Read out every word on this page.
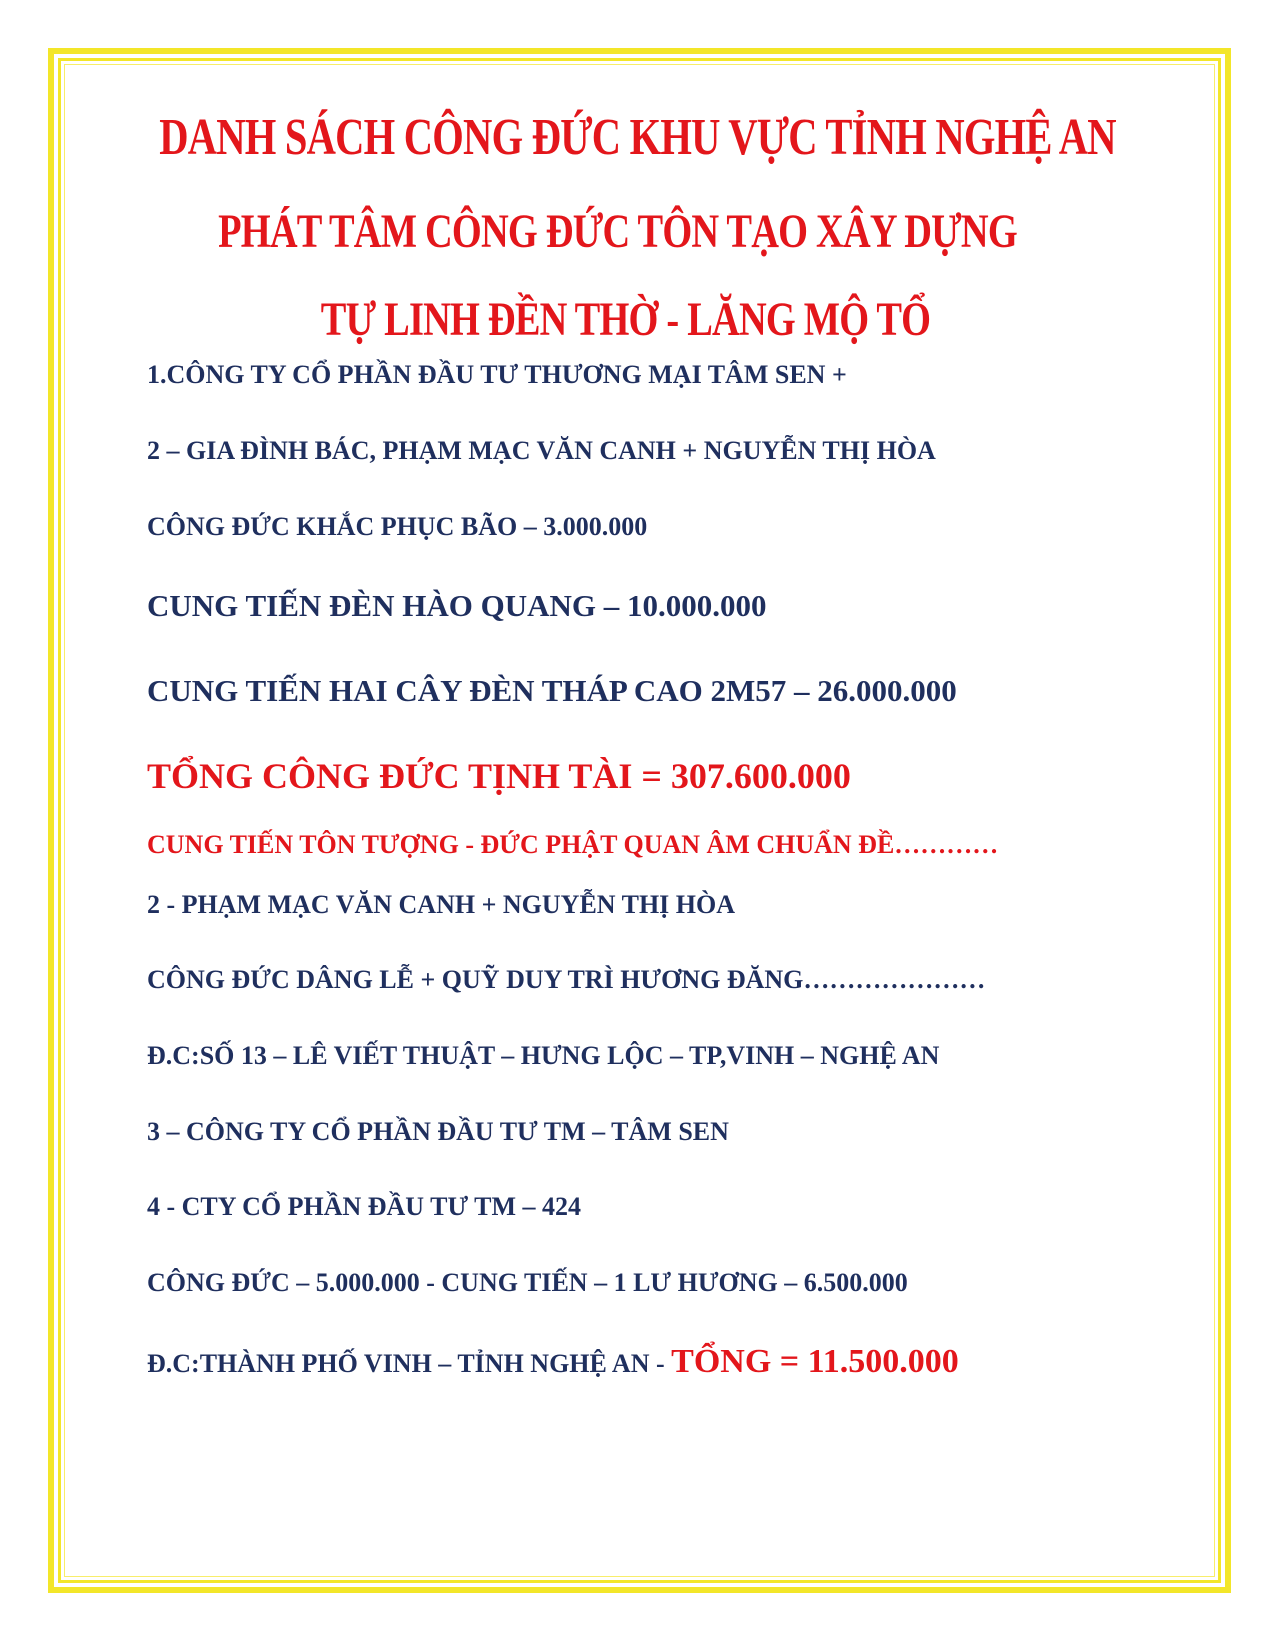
DANH SÁCH CÔNG ĐỨC KHU VỰC TỈNH NGHỆ AN
PHÁT TÂM CÔNG ĐỨC TÔN TẠO XÂY DỰNG
TỰ LINH ĐỀN THỜ - LĂNG MỘ TỔ
1.CÔNG TY CỔ PHẦN ĐẦU TƯ THƯƠNG MẠI TÂM SEN +
2 – GIA ĐÌNH BÁC, PHẠM MẠC VĂN CANH + NGUYỄN THỊ HÒA
CÔNG ĐỨC KHẮC PHỤC BÃO – 3.000.000
CUNG TIẾN ĐÈN HÀO QUANG – 10.000.000
CUNG TIẾN HAI CÂY ĐÈN THÁP CAO 2M57 – 26.000.000
TỔNG CÔNG ĐỨC TỊNH TÀI = 307.600.000
CUNG TIẾN TÔN TƯỢNG - ĐỨC PHẬT QUAN ÂM CHUẨN ĐỀ…………
2 - PHẠM MẠC VĂN CANH + NGUYỄN THỊ HÒA
CÔNG ĐỨC DÂNG LỄ + QUỸ DUY TRÌ HƯƠNG ĐĂNG…………………
Đ.C:SỐ 13 – LÊ VIẾT THUẬT – HƯNG LỘC – TP,VINH – NGHỆ AN
3 – CÔNG TY CỔ PHẦN ĐẦU TƯ TM – TÂM SEN
4 - CTY CỔ PHẦN ĐẦU TƯ TM – 424
CÔNG ĐỨC – 5.000.000 - CUNG TIẾN – 1 LƯ HƯƠNG – 6.500.000
Đ.C:THÀNH PHỐ VINH – TỈNH NGHỆ AN - TỔNG = 11.500.000
